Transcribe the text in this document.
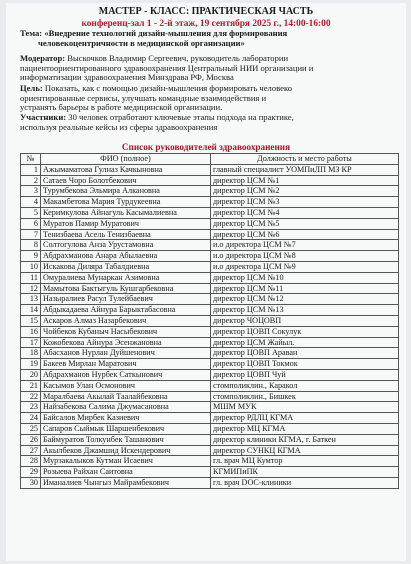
МАСТЕР - КЛАСС: ПРАКТИЧЕСКАЯ ЧАСТЬ
конференц-зал 1 - 2-й этаж, 19 сентября 2025 г., 14:00-16:00
Тема: «Внедрение технологий дизайн-мышления для формирования
человекоцентричности в медицинской организации»
Модератор: Выскочков Владимир Сергеевич, руководитель лаборатории
пациентоориентированного здравоохранения Центральный НИИ организации и
информатизации здравоохранения Минздрава РФ, Москва
Цель: Показать, как с помощью дизайн-мышления формировать человеко
ориентированные сервисы, улучшать командные взаимодействия и
устранять барьеры в работе медицинской организации.
Участники: 30 человек отработают ключевые этапы подхода на практике,
используя реальные кейсы из сферы здравоохранения
Список руководителей здравоохранения
№	ФИО (полное)	Должность и место работы
1	Ажымаматова Гулназ Качкыновна	главный специалист УОМПиЛП МЗ КР
2	Сатаев Чоро Болотбекович	директор ЦСМ №1
3	Турумбекова Эльмира Алкановна	директор ЦСМ №2
4	Макамбетова Мария Турдукеевна	директор ЦСМ №3
5	Керимкулова Айнагуль Касымалиевна	директор ЦСМ №4
6	Муратов Памир Муратович	директор ЦСМ №5
7	Тенизбаева Асель Тенизбаевна	директор ЦСМ №6
8	Солтогулова Анза Урустамовна	и.о директора ЦСМ №7
9	Абдрахманова Анара Абылаевна	и.о директора ЦСМ №8
10	Искакова Диляра Табалдиевна	и.о директора ЦСМ №9
11	Омуралиева Мунаркан Азимовна	директор ЦСМ №10
12	Мамытова Бактыгуль Кушгарбековна	директор ЦСМ №11
13	Назыралиев Расул Тулейбаевич	директор ЦСМ №12
14	Абдыкадаева Айнура Барыктабасовна	директор ЦСМ №13
15	Аскаров Алмаз Назарбекович	директор ЧОЦОВП
16	Чойбеков Кубаныч Насыбекович	директор ЦОВП Сокулук
17	Кожобекова Айнура Эсенжановна	директор ЦСМ Жайыл.
18	Абасханов Нурлан Дуйшенович	директор ЦОВП Араван
19	Бакеев Мирлан Маратович	директор ЦОВП Токмок
20	Абдрахманов Нурбек Саткынович	директор ЦОВП Чуй
21	Касымов Улан Осмонович	стомполиклин., Каракол
22	Маралбаева Акылай Таалайбековна	стомполиклин., Бишкек
23	Найзабекова Салима Джумасановна	МШМ МУК
24	Байсалов Мирбек Казиевич	директор РДЛЦ КГМА
25	Сапаров Сыймык Шаршенбекович	директор МЦ КГМА
26	Баймуратов Толкунбек Ташанович	директор клиники КГМА, г. Баткен
27	Акылбеков Джамшид Искендерович	директор СУНКЦ КГМА
28	Мурзакалыков Кутман Исаевич	гл. врач МЦ Кумтор
29	Розыева Райхан Саитовна	КГМИПиПК
30	Иманалиев Чынгыз Майрамбекович	гл. врач DOC-клиники
